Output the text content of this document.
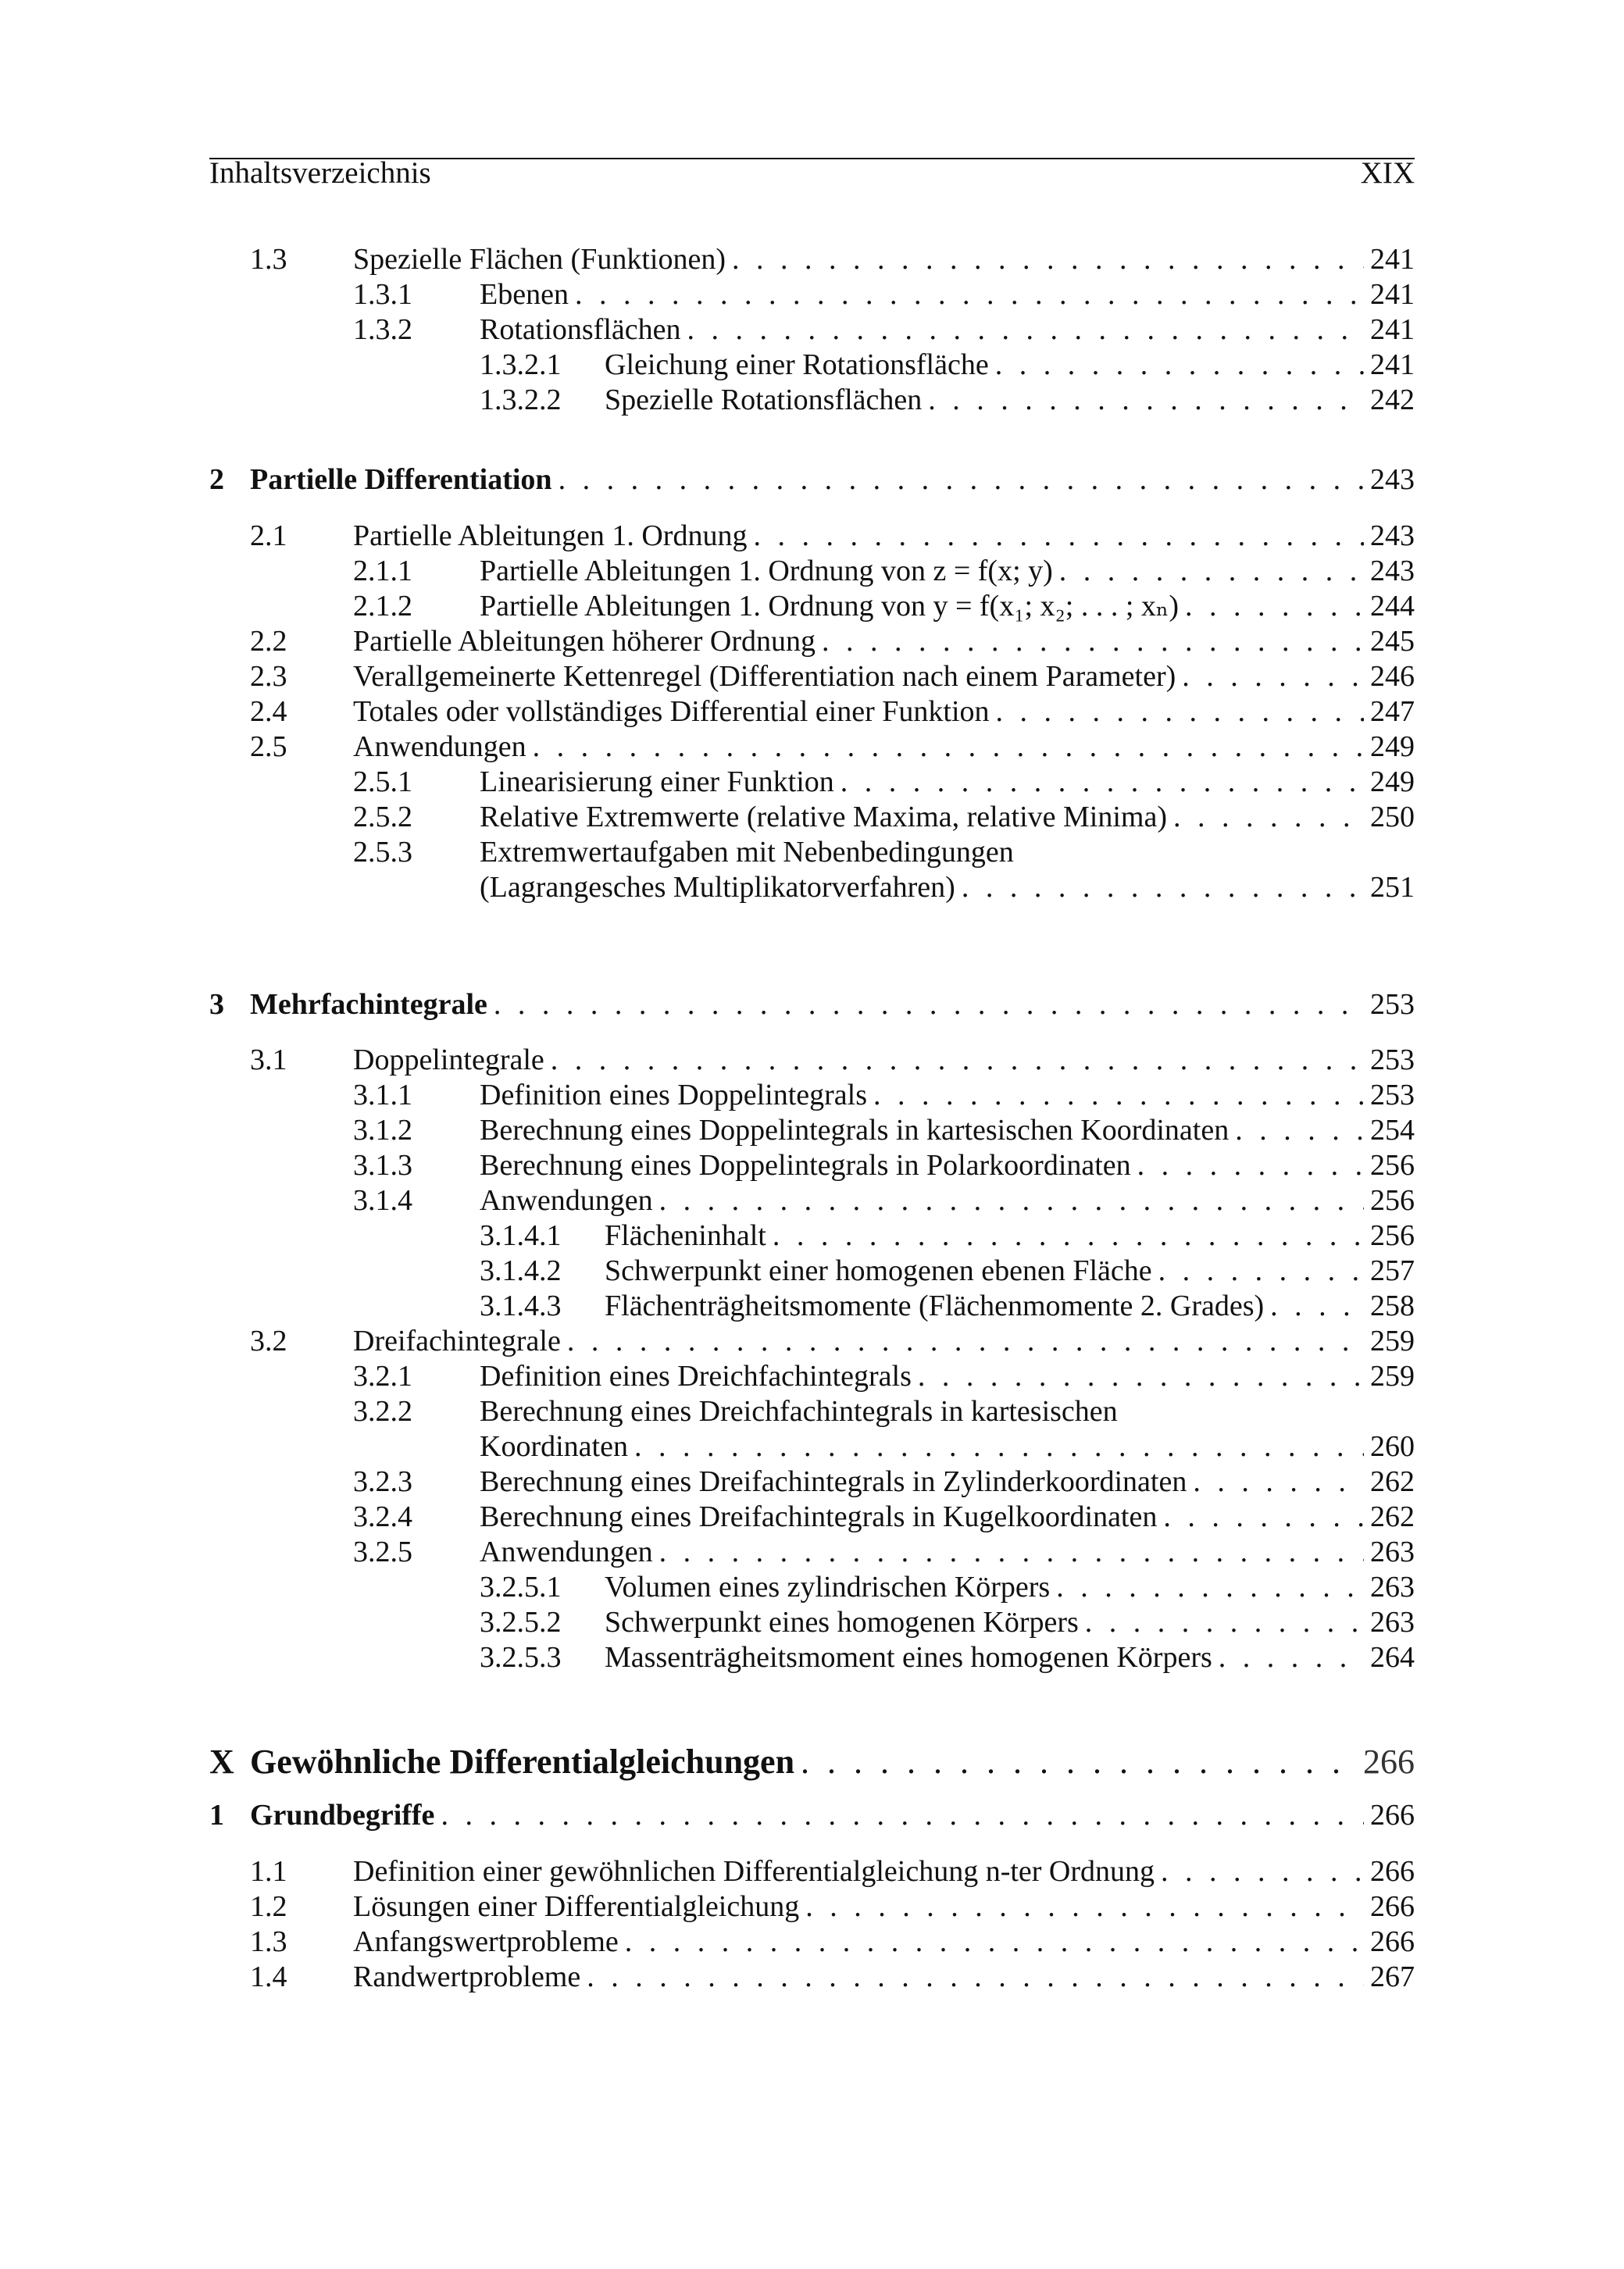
Inhaltsverzeichnis	XIX
1.3 Spezielle Flächen (Funktionen) . . .	241
1.3.1 Ebenen . . .	241
1.3.2 Rotationsflächen . . .	241
1.3.2.1 Gleichung einer Rotationsfläche . . .	241
1.3.2.2 Spezielle Rotationsflächen . . .	242
2 Partielle Differentiation . . .	243
2.1 Partielle Ableitungen 1. Ordnung . . .	243
2.1.1 Partielle Ableitungen 1. Ordnung von z = f(x; y) . . .	243
2.1.2 Partielle Ableitungen 1. Ordnung von y = f(x₁; x₂; . . . ; xₙ) . . .	244
2.2 Partielle Ableitungen höherer Ordnung . . .	245
2.3 Verallgemeinerte Kettenregel (Differentiation nach einem Parameter) . . .	246
2.4 Totales oder vollständiges Differential einer Funktion . . .	247
2.5 Anwendungen . . .	249
2.5.1 Linearisierung einer Funktion . . .	249
2.5.2 Relative Extremwerte (relative Maxima, relative Minima) . . .	250
2.5.3 Extremwertaufgaben mit Nebenbedingungen
(Lagrangesches Multiplikatorverfahren) . . .	251
3 Mehrfachintegrale . . .	253
3.1 Doppelintegrale . . .	253
3.1.1 Definition eines Doppelintegrals . . .	253
3.1.2 Berechnung eines Doppelintegrals in kartesischen Koordinaten . . .	254
3.1.3 Berechnung eines Doppelintegrals in Polarkoordinaten . . .	256
3.1.4 Anwendungen . . .	256
3.1.4.1 Flächeninhalt . . .	256
3.1.4.2 Schwerpunkt einer homogenen ebenen Fläche . . .	257
3.1.4.3 Flächenträgheitsmomente (Flächenmomente 2. Grades) . . .	258
3.2 Dreifachintegrale . . .	259
3.2.1 Definition eines Dreichfachintegrals . . .	259
3.2.2 Berechnung eines Dreichfachintegrals in kartesischen
Koordinaten . . .	260
3.2.3 Berechnung eines Dreifachintegrals in Zylinderkoordinaten . . .	262
3.2.4 Berechnung eines Dreifachintegrals in Kugelkoordinaten . . .	262
3.2.5 Anwendungen . . .	263
3.2.5.1 Volumen eines zylindrischen Körpers . . .	263
3.2.5.2 Schwerpunkt eines homogenen Körpers . . .	263
3.2.5.3 Massenträgheitsmoment eines homogenen Körpers . . .	264
X Gewöhnliche Differentialgleichungen . . .	266
1 Grundbegriffe . . .	266
1.1 Definition einer gewöhnlichen Differentialgleichung n-ter Ordnung . . .	266
1.2 Lösungen einer Differentialgleichung . . .	266
1.3 Anfangswertprobleme . . .	266
1.4 Randwertprobleme . . .	267
